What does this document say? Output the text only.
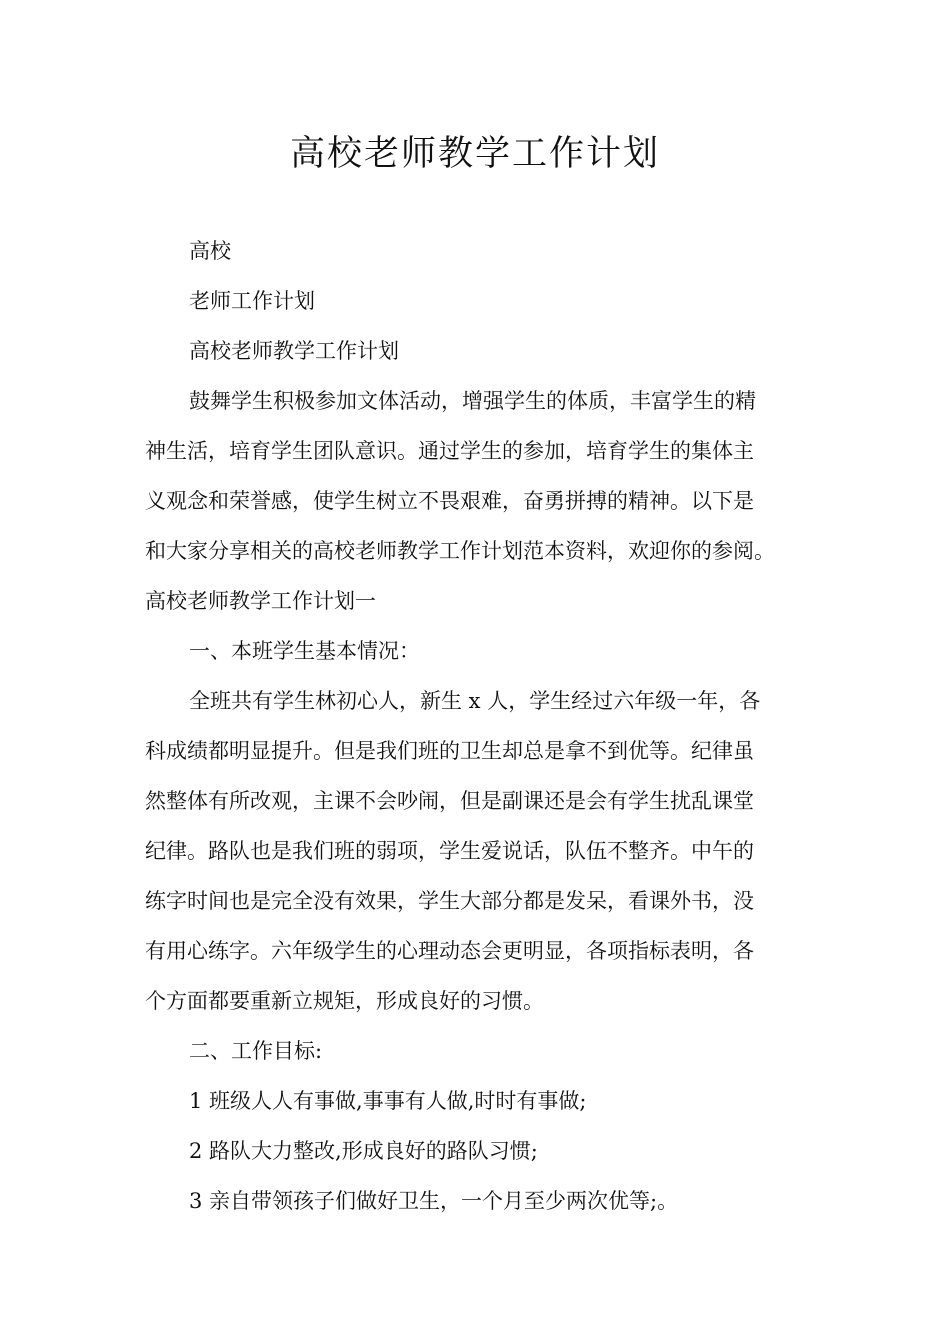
高校老师教学工作计划

高校

老师工作计划

高校老师教学工作计划

鼓舞学生积极参加文体活动，增强学生的体质，丰富学生的精

神生活，培育学生团队意识。通过学生的参加，培育学生的集体主

义观念和荣誉感，使学生树立不畏艰难，奋勇拼搏的精神。以下是

和大家分享相关的高校老师教学工作计划范本资料，欢迎你的参阅。

高校老师教学工作计划一

一、本班学生基本情况：

全班共有学生林初心人，新生 x 人，学生经过六年级一年，各

科成绩都明显提升。但是我们班的卫生却总是拿不到优等。纪律虽

然整体有所改观，主课不会吵闹，但是副课还是会有学生扰乱课堂

纪律。路队也是我们班的弱项，学生爱说话，队伍不整齐。中午的

练字时间也是完全没有效果，学生大部分都是发呆，看课外书，没

有用心练字。六年级学生的心理动态会更明显，各项指标表明，各

个方面都要重新立规矩，形成良好的习惯。

二、工作目标:

1 班级人人有事做,事事有人做,时时有事做;

2 路队大力整改,形成良好的路队习惯;

3 亲自带领孩子们做好卫生，一个月至少两次优等;。
